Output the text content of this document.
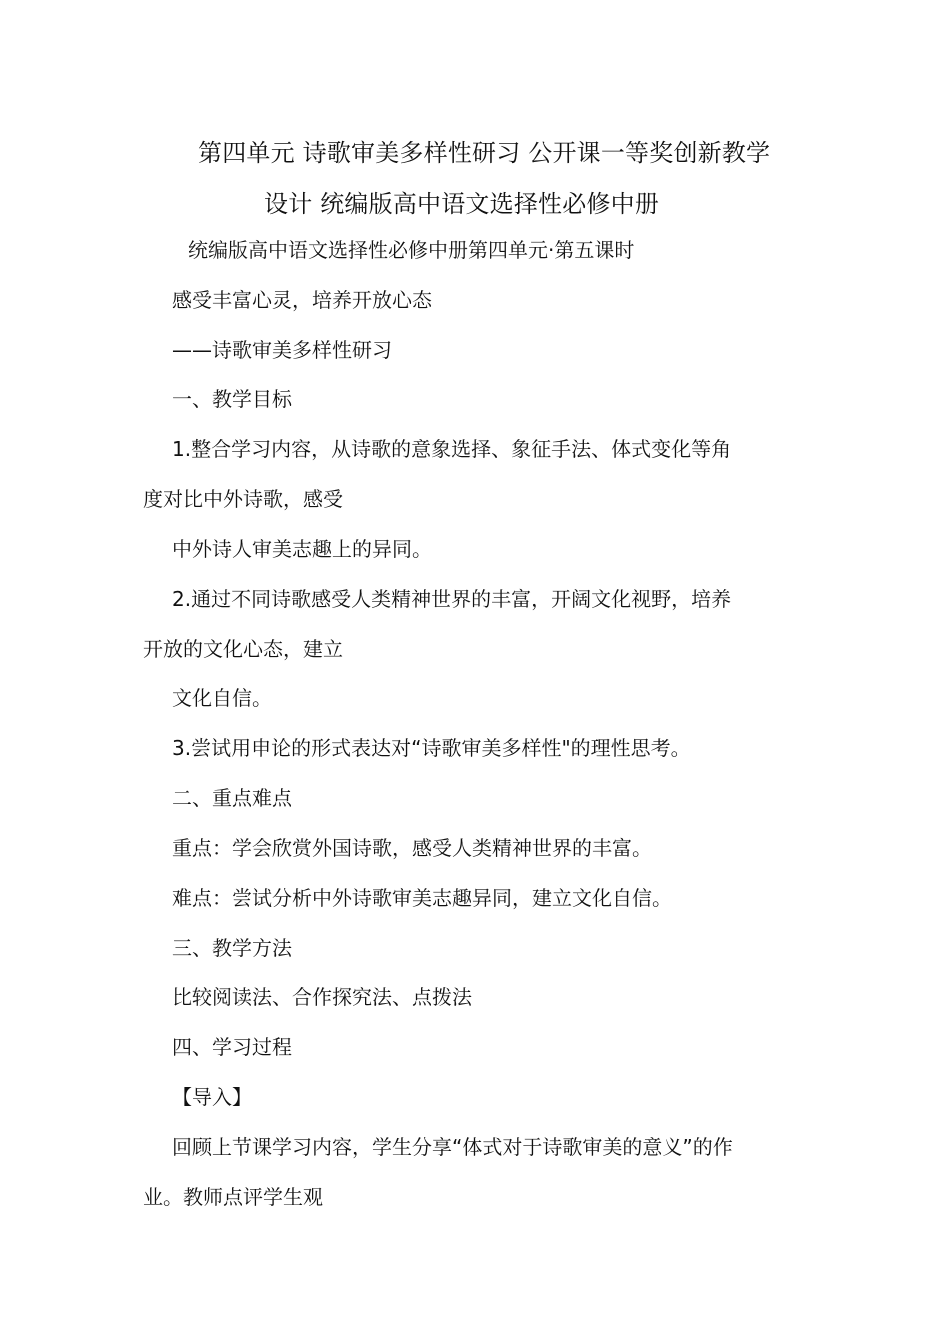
第四单元 诗歌审美多样性研习 公开课一等奖创新教学
设计 统编版高中语文选择性必修中册
统编版高中语文选择性必修中册第四单元·第五课时
感受丰富心灵，培养开放心态
——诗歌审美多样性研习
一、教学目标
1.整合学习内容，从诗歌的意象选择、象征手法、体式变化等角
度对比中外诗歌，感受
中外诗人审美志趣上的异同。
2.通过不同诗歌感受人类精神世界的丰富，开阔文化视野，培养
开放的文化心态，建立
文化自信。
3.尝试用申论的形式表达对“诗歌审美多样性"的理性思考。
二、重点难点
重点：学会欣赏外国诗歌，感受人类精神世界的丰富。
难点：尝试分析中外诗歌审美志趣异同，建立文化自信。
三、教学方法
比较阅读法、合作探究法、点拨法
四、学习过程
【导入】
回顾上节课学习内容，学生分享“体式对于诗歌审美的意义”的作
业。教师点评学生观
